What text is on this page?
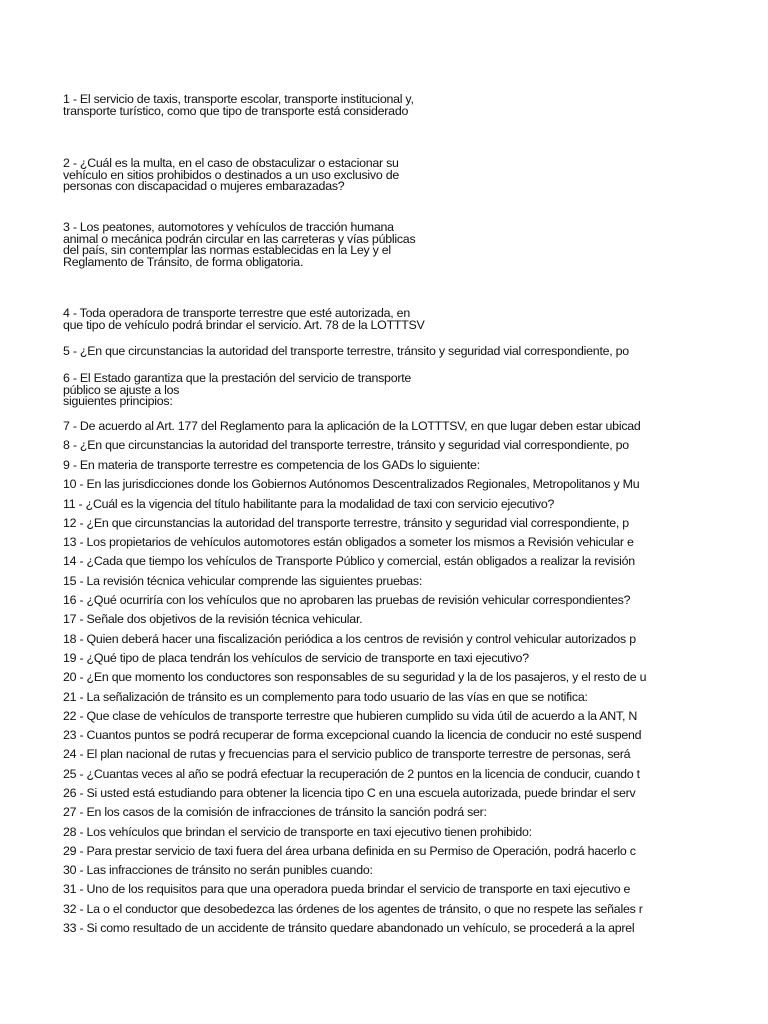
1 - El servicio de taxis, transporte escolar, transporte institucional y,
transporte turístico, como que tipo de transporte está considerado
2 - ¿Cuál es la multa, en el caso de obstaculizar o estacionar su
vehículo en sitios prohibidos o destinados a un uso exclusivo de
personas con discapacidad o mujeres embarazadas?
3 - Los peatones, automotores y vehículos de tracción humana
animal o mecánica podrán circular en las carreteras y vías públicas
del país, sin contemplar las normas establecidas en la Ley y el
Reglamento de Tránsito, de forma obligatoria.
4 - Toda operadora de transporte terrestre que esté autorizada, en
que tipo de vehículo podrá brindar el servicio. Art. 78 de la LOTTTSV
5 - ¿En que circunstancias la autoridad del transporte terrestre, tránsito y seguridad vial correspondiente, po
6 - El Estado garantiza que la prestación del servicio de transporte
público se ajuste a los
siguientes principios:
7 - De acuerdo al Art. 177 del Reglamento para la aplicación de la LOTTTSV, en que lugar deben estar ubicad
8 - ¿En que circunstancias la autoridad del transporte terrestre, tránsito y seguridad vial correspondiente, po
9 - En materia de transporte terrestre es competencia de los GADs lo siguiente:
10 - En las jurisdicciones donde los Gobiernos Autónomos Descentralizados Regionales, Metropolitanos y Mu
11 - ¿Cuál es la vigencia del título habilitante para la modalidad de taxi con servicio ejecutivo?
12 - ¿En que circunstancias la autoridad del transporte terrestre, tránsito y seguridad vial correspondiente, p
13 - Los propietarios de vehículos automotores están obligados a someter los mismos a Revisión vehicular e
14 - ¿Cada que tiempo los vehículos de Transporte Público y comercial, están obligados a realizar la revisión
15 - La revisión técnica vehicular comprende las siguientes pruebas:
16 - ¿Qué ocurriría con los vehículos que no aprobaren las pruebas de revisión vehicular correspondientes?
17 - Señale dos objetivos de la revisión técnica vehicular.
18 - Quien deberá hacer una fiscalización periódica a los centros de revisión y control vehicular autorizados p
19 - ¿Qué tipo de placa tendrán los vehículos de servicio de transporte en taxi ejecutivo?
20 - ¿En que momento los conductores son responsables de su seguridad y la de los pasajeros, y el resto de u
21 - La señalización de tránsito es un complemento para todo usuario de las vías en que se notifica:
22 - Que clase de vehículos de transporte terrestre que hubieren cumplido su vida útil de acuerdo a la ANT, N
23 - Cuantos puntos se podrá recuperar de forma excepcional cuando la licencia de conducir no esté suspend
24 - El plan nacional de rutas y frecuencias para el servicio publico de transporte terrestre de personas, será
25 - ¿Cuantas veces al año se podrá efectuar la recuperación de 2 puntos en la licencia de conducir, cuando t
26 - Si usted está estudiando para obtener la licencia tipo C en una escuela autorizada, puede brindar el serv
27 - En los casos de la comisión de infracciones de tránsito la sanción podrá ser:
28 - Los vehículos que brindan el servicio de transporte en taxi ejecutivo tienen prohibido:
29 - Para prestar servicio de taxi fuera del área urbana definida en su Permiso de Operación, podrá hacerlo c
30 - Las infracciones de tránsito no serán punibles cuando:
31 - Uno de los requisitos para que una operadora pueda brindar el servicio de transporte en taxi ejecutivo e
32 - La o el conductor que desobedezca las órdenes de los agentes de tránsito, o que no respete las señales r
33 - Si como resultado de un accidente de tránsito quedare abandonado un vehículo, se procederá a la aprel
